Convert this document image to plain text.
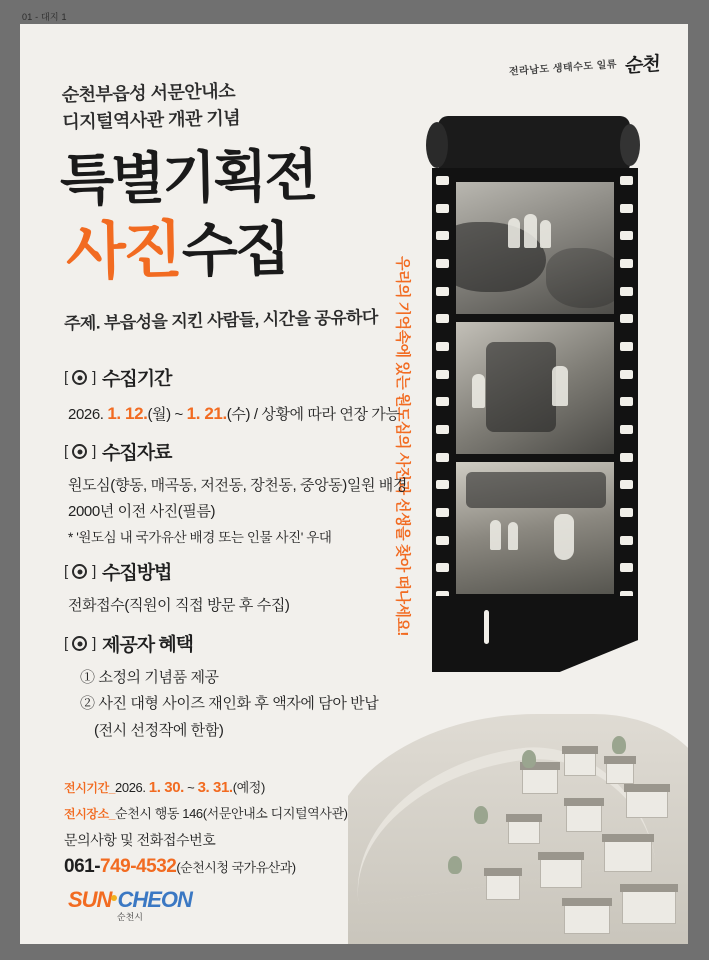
01 - 대지 1
전라남도 생태수도 일류 순천
순천부읍성 서문안내소
디지털역사관 개관 기념
특별기획전
사진수집
주제. 부읍성을 지킨 사람들, 시간을 공유하다 우리의 기억속에 있는 원도심의 사진과 선생을 찾아 떠나세요!
[ ] 수집기간
2026. 1. 12.(월) ~ 1. 21.(수) / 상황에 따라 연장 가능
[ ] 수집자료
원도심(향동, 매곡동, 저전동, 장천동, 중앙동)일원 배경
2000년 이전 사진(필름)
* '원도심 내 국가유산 배경 또는 인물 사진' 우대
[ ] 수집방법
전화접수(직원이 직접 방문 후 수집)
[ ] 제공자 혜택
① 소정의 기념품 제공
② 사진 대형 사이즈 재인화 후 액자에 담아 반납
(전시 선정작에 한함)
전시기간_2026. 1. 30. ~ 3. 31.(예정)
전시장소_순천시 행동 146(서문안내소 디지털역사관)
문의사항 및 전화접수번호
061-749-4532(순천시청 국가유산과)
SUN CHEON
순천시
